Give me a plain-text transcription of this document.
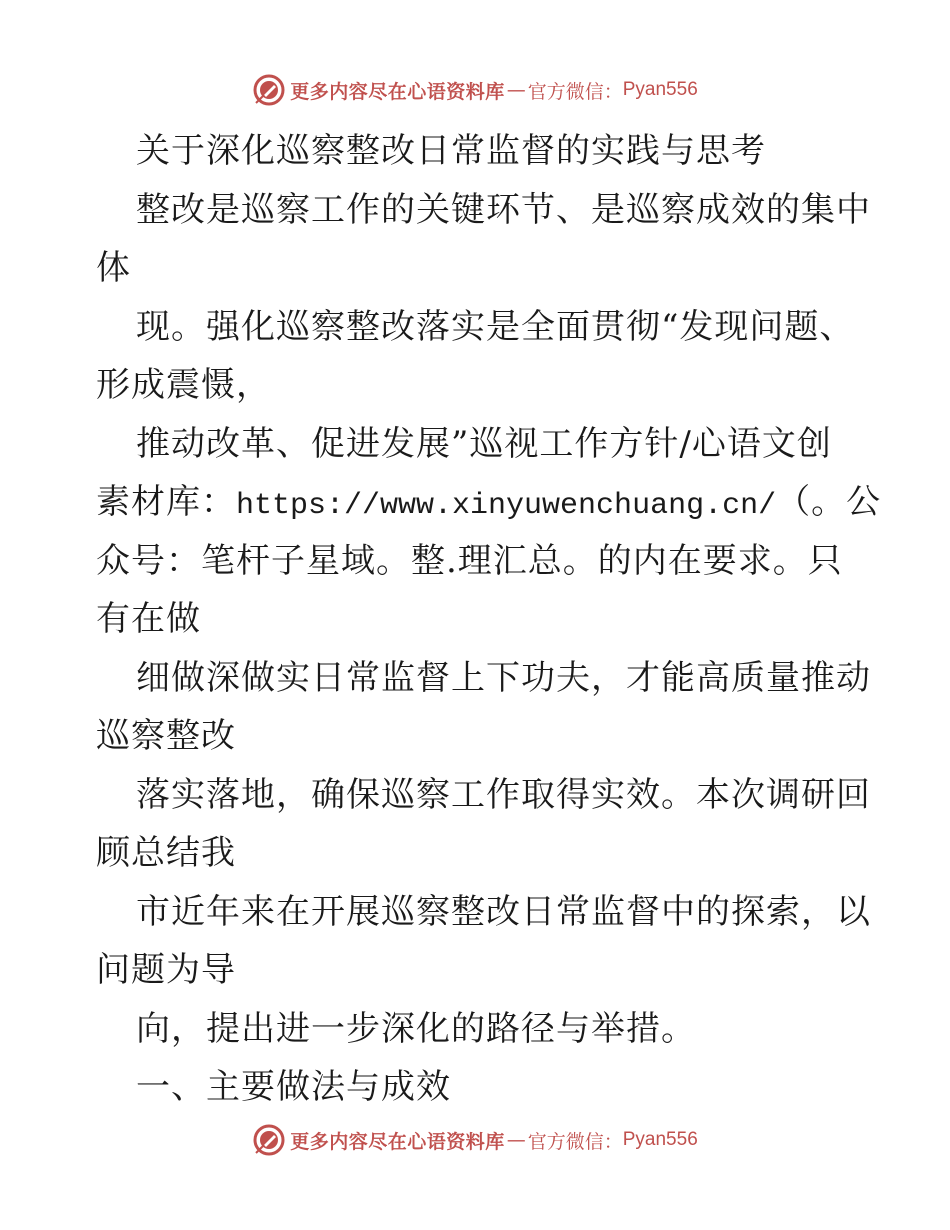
更多内容尽在心语资料库 — 官方微信： Pyan556
关于深化巡察整改日常监督的实践与思考
整改是巡察工作的关键环节、是巡察成效的集中
体
现。强化巡察整改落实是全面贯彻“发现问题、
形成震慑，
推动改革、促进发展”巡视工作方针/心语文创
素材库：https://www.xinyuwenchuang.cn/（。公
众号：笔杆子星域。整.理汇总。的内在要求。只
有在做
细做深做实日常监督上下功夫，才能高质量推动
巡察整改
落实落地，确保巡察工作取得实效。本次调研回
顾总结我
市近年来在开展巡察整改日常监督中的探索，以
问题为导
向，提出进一步深化的路径与举措。
一、主要做法与成效
更多内容尽在心语资料库 — 官方微信： Pyan556
